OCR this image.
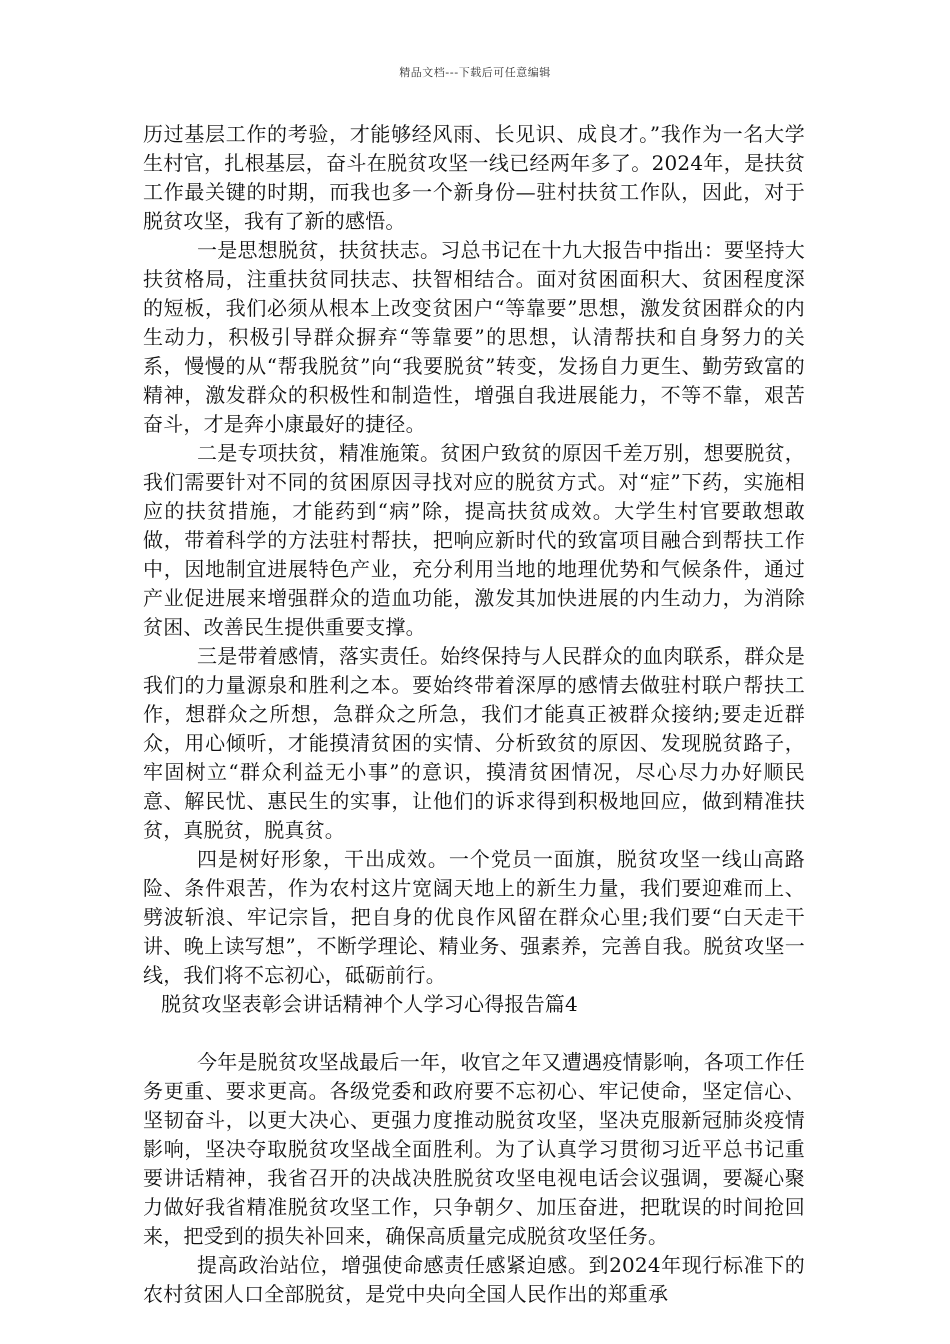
精品文档---下载后可任意编辑

历过基层工作的考验，才能够经风雨、长见识、成良才。”我作为一名大学生村官，扎根基层，奋斗在脱贫攻坚一线已经两年多了。2024年，是扶贫工作最关键的时期，而我也多一个新身份—驻村扶贫工作队，因此，对于脱贫攻坚，我有了新的感悟。

一是思想脱贫，扶贫扶志。习总书记在十九大报告中指出：要坚持大扶贫格局，注重扶贫同扶志、扶智相结合。面对贫困面积大、贫困程度深的短板，我们必须从根本上改变贫困户“等靠要”思想，激发贫困群众的内生动力，积极引导群众摒弃“等靠要”的思想，认清帮扶和自身努力的关系，慢慢的从“帮我脱贫”向“我要脱贫”转变，发扬自力更生、勤劳致富的精神，激发群众的积极性和制造性，增强自我进展能力，不等不靠，艰苦奋斗，才是奔小康最好的捷径。

二是专项扶贫，精准施策。贫困户致贫的原因千差万别，想要脱贫，我们需要针对不同的贫困原因寻找对应的脱贫方式。对“症”下药，实施相应的扶贫措施，才能药到“病”除，提高扶贫成效。大学生村官要敢想敢做，带着科学的方法驻村帮扶，把响应新时代的致富项目融合到帮扶工作中，因地制宜进展特色产业，充分利用当地的地理优势和气候条件，通过产业促进展来增强群众的造血功能，激发其加快进展的内生动力，为消除贫困、改善民生提供重要支撑。

三是带着感情，落实责任。始终保持与人民群众的血肉联系，群众是我们的力量源泉和胜利之本。要始终带着深厚的感情去做驻村联户帮扶工作，想群众之所想，急群众之所急，我们才能真正被群众接纳;要走近群众，用心倾听，才能摸清贫困的实情、分析致贫的原因、发现脱贫路子，牢固树立“群众利益无小事”的意识，摸清贫困情况，尽心尽力办好顺民意、解民忧、惠民生的实事，让他们的诉求得到积极地回应，做到精准扶贫，真脱贫，脱真贫。

四是树好形象，干出成效。一个党员一面旗，脱贫攻坚一线山高路险、条件艰苦，作为农村这片宽阔天地上的新生力量，我们要迎难而上、劈波斩浪、牢记宗旨，把自身的优良作风留在群众心里;我们要“白天走干讲、晚上读写想”，不断学理论、精业务、强素养，完善自我。脱贫攻坚一线，我们将不忘初心，砥砺前行。

脱贫攻坚表彰会讲话精神个人学习心得报告篇4

今年是脱贫攻坚战最后一年，收官之年又遭遇疫情影响，各项工作任务更重、要求更高。各级党委和政府要不忘初心、牢记使命，坚定信心、坚韧奋斗，以更大决心、更强力度推动脱贫攻坚，坚决克服新冠肺炎疫情影响，坚决夺取脱贫攻坚战全面胜利。为了认真学习贯彻习近平总书记重要讲话精神，我省召开的决战决胜脱贫攻坚电视电话会议强调，要凝心聚力做好我省精准脱贫攻坚工作，只争朝夕、加压奋进，把耽误的时间抢回来，把受到的损失补回来，确保高质量完成脱贫攻坚任务。

提高政治站位，增强使命感责任感紧迫感。到2024年现行标准下的农村贫困人口全部脱贫，是党中央向全国人民作出的郑重承
